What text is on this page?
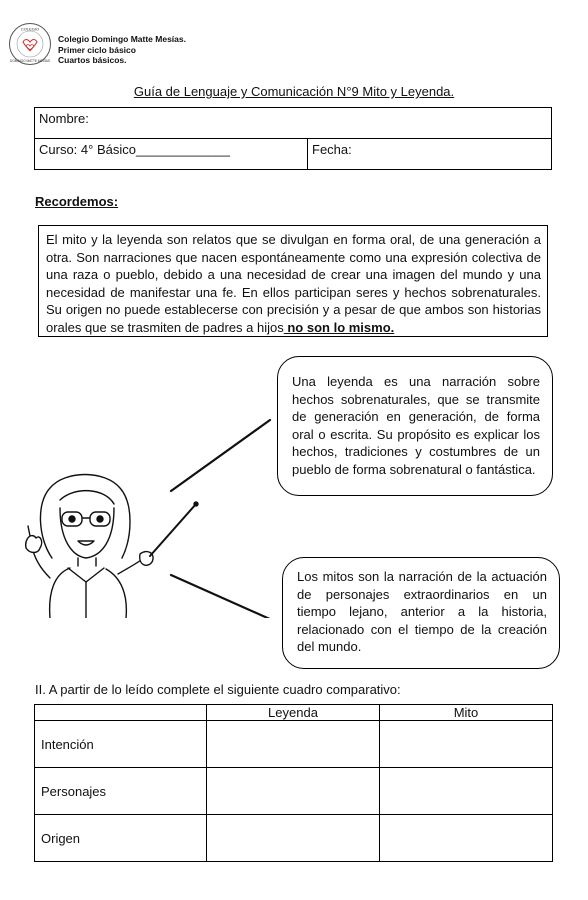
COLEGIO
DOMINGO MATTE MESÍAS
Colegio Domingo Matte Mesías.
Primer ciclo básico
Cuartos básicos.
Guía de Lenguaje y Comunicación N°9 Mito y Leyenda.
Nombre:
Curso: 4° Básico_____________	Fecha:
Recordemos:
El mito y la leyenda son relatos que se divulgan en forma oral, de una generación a otra. Son narraciones que nacen espontáneamente como una expresión colectiva de una raza o pueblo, debido a una necesidad de crear una imagen del mundo y una necesidad de manifestar una fe. En ellos participan seres y hechos sobrenaturales. Su origen no puede establecerse con precisión y a pesar de que ambos son historias orales que se trasmiten de padres a hijos no son lo mismo.
Una leyenda es una narración sobre hechos sobrenaturales, que se transmite de generación en generación, de forma oral o escrita. Su propósito es explicar los hechos, tradiciones y costumbres de un pueblo de forma sobrenatural o fantástica.
Los mitos son la narración de la actuación de personajes extraordinarios en un tiempo lejano, anterior a la historia, relacionado con el tiempo de la creación del mundo.
II. A partir de lo leído complete el siguiente cuadro comparativo:
	Leyenda	Mito
Intención		
Personajes		
Origen		
